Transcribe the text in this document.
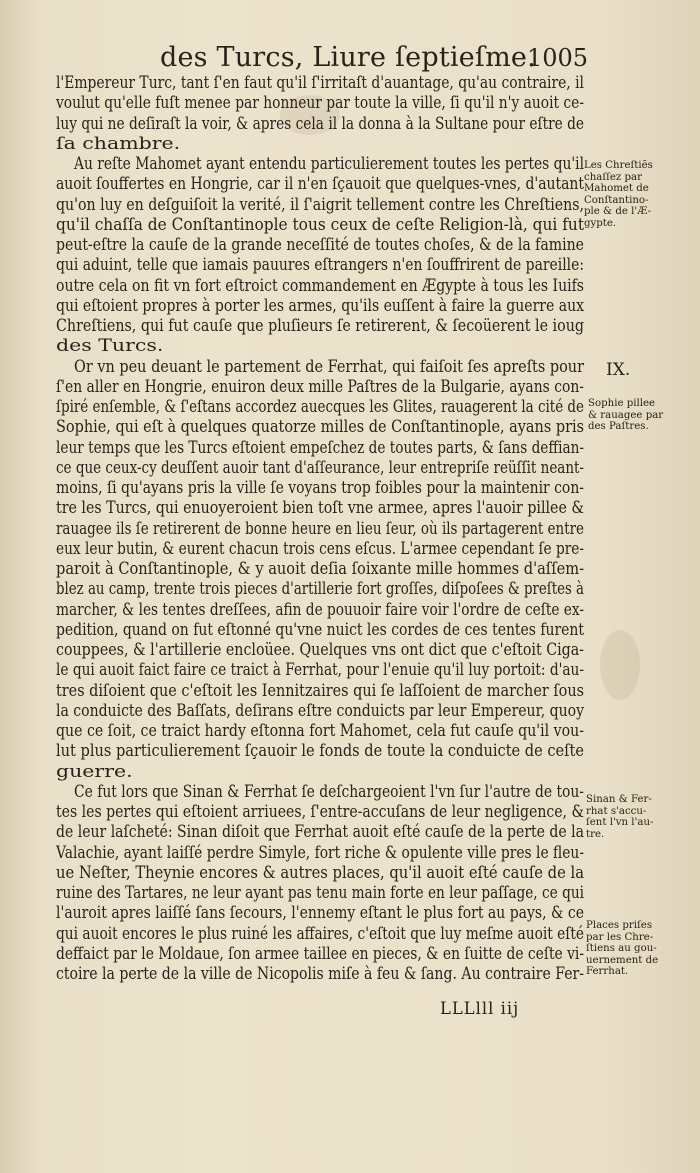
des Turcs, Liure ſeptieſme.
1005
l'Empereur Turc, tant ſ'en faut qu'il ſ'irritaſt d'auantage, qu'au contraire, il
voulut qu'elle fuſt menee par honneur par toute la ville, ſi qu'il n'y auoit ce-
luy qui ne deſiraſt la voir, & apres cela il la donna à la Sultane pour eſtre de
ſa chambre.
Au reſte Mahomet ayant entendu particulierement toutes les pertes qu'il
auoit ſouffertes en Hongrie, car il n'en ſçauoit que quelques-vnes, d'autant
qu'on luy en deſguiſoit la verité, il ſ'aigrit tellement contre les Chreſtiens,
qu'il chaſſa de Conſtantinople tous ceux de ceſte Religion-là, qui fut
peut-eſtre la cauſe de la grande neceſſité de toutes choſes, & de la famine
qui aduint, telle que iamais pauures eſtrangers n'en ſouffrirent de pareille:
outre cela on fit vn fort eſtroict commandement en Ægypte à tous les Iuifs
qui eſtoient propres à porter les armes, qu'ils euſſent à faire la guerre aux
Chreſtiens, qui fut cauſe que pluſieurs ſe retirerent, & ſecoüerent le ioug
des Turcs.
Or vn peu deuant le partement de Ferrhat, qui faiſoit ſes apreſts pour
ſ'en aller en Hongrie, enuiron deux mille Paſtres de la Bulgarie, ayans con-
ſpiré enſemble, & ſ'eſtans accordez auecques les Glites, rauagerent la cité de
Sophie, qui eſt à quelques quatorze milles de Conſtantinople, ayans pris
leur temps que les Turcs eſtoient empeſchez de toutes parts, & ſans deffian-
ce que ceux-cy deuſſent auoir tant d'aſſeurance, leur entrepriſe reüſſit neant-
moins, ſi qu'ayans pris la ville ſe voyans trop foibles pour la maintenir con-
tre les Turcs, qui enuoyeroient bien toſt vne armee, apres l'auoir pillee &
rauagee ils ſe retirerent de bonne heure en lieu ſeur, où ils partagerent entre
eux leur butin, & eurent chacun trois cens eſcus. L'armee cependant ſe pre-
paroit à Conſtantinople, & y auoit deſia ſoixante mille hommes d'aſſem-
blez au camp, trente trois pieces d'artillerie fort groſſes, diſpoſees & preſtes à
marcher, & les tentes dreſſees, afin de pouuoir faire voir l'ordre de ceſte ex-
pedition, quand on fut eſtonné qu'vne nuict les cordes de ces tentes furent
couppees, & l'artillerie encloüee. Quelques vns ont dict que c'eſtoit Ciga-
le qui auoit faict faire ce traict à Ferrhat, pour l'enuie qu'il luy portoit: d'au-
tres diſoient que c'eſtoit les Iennitzaires qui ſe laſſoient de marcher ſous
la conduicte des Baſſats, deſirans eſtre conduicts par leur Empereur, quoy
que ce ſoit, ce traict hardy eſtonna fort Mahomet, cela fut cauſe qu'il vou-
lut plus particulierement ſçauoir le fonds de toute la conduicte de ceſte
guerre.
Ce fut lors que Sinan & Ferrhat ſe deſchargeoient l'vn ſur l'autre de tou-
tes les pertes qui eſtoient arriuees, ſ'entre-accuſans de leur negligence, &
de leur laſcheté: Sinan diſoit que Ferrhat auoit eſté cauſe de la perte de la
Valachie, ayant laiſſé perdre Simyle, fort riche & opulente ville pres le fleu-
ue Neſter, Theynie encores & autres places, qu'il auoit eſté cauſe de la
ruine des Tartares, ne leur ayant pas tenu main forte en leur paſſage, ce qui
l'auroit apres laiſſé ſans ſecours, l'ennemy eſtant le plus fort au pays, & ce
qui auoit encores le plus ruiné les affaires, c'eſtoit que luy meſme auoit eſté
deffaict par le Moldaue, ſon armee taillee en pieces, & en ſuitte de ceſte vi-
ctoire la perte de la ville de Nicopolis miſe à feu & ſang. Au contraire Fer-
Les Chreſtiẽs
chaſſez par
Mahomet de
Conſtantino-
ple & de l'Æ-
gypte.
IX.
Sophie pillee
& rauagee par
des Paſtres.
Sinan & Fer-
rhat s'accu-
ſent l'vn l'au-
tre.
Places priſes
par les Chre-
ſtiens au gou-
uernement de
Ferrhat.
LLLlll iij
